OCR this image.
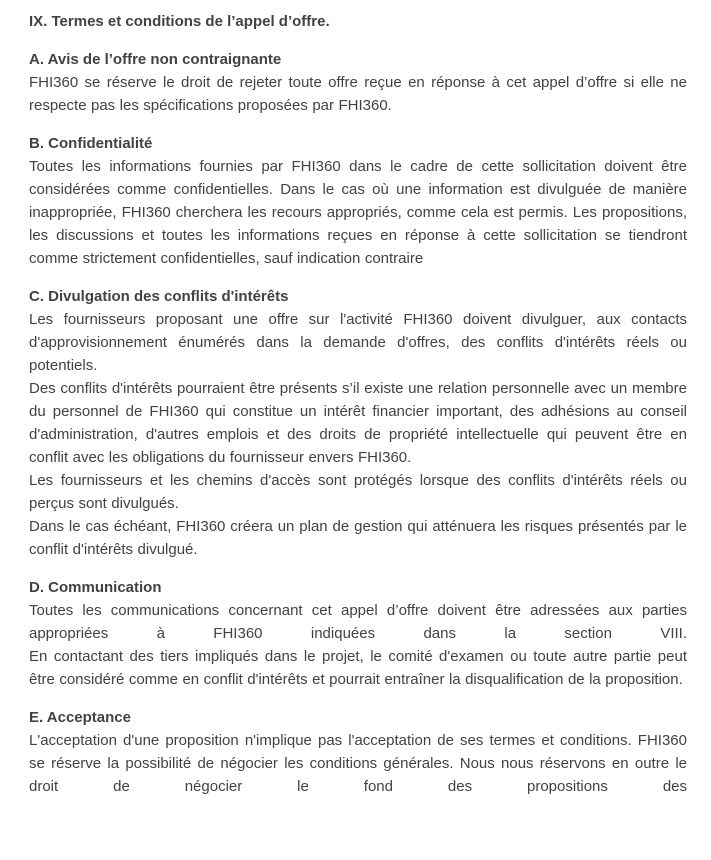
IX. Termes et conditions de l’appel d’offre.
A. Avis de l’offre non contraignante

FHI360 se réserve le droit de rejeter toute offre reçue en réponse à cet appel d’offre si elle ne respecte pas les spécifications proposées par FHI360.

B. Confidentialité

Toutes les informations fournies par FHI360 dans le cadre de cette sollicitation doivent être considérées comme confidentielles. Dans le cas où une information est divulguée de manière inappropriée, FHI360 cherchera les recours appropriés, comme cela est permis. Les propositions, les discussions et toutes les informations reçues en réponse à cette sollicitation se tiendront comme strictement confidentielles, sauf indication contraire

C. Divulgation des conflits d'intérêts

Les fournisseurs proposant une offre sur l'activité FHI360 doivent divulguer, aux contacts d'approvisionnement énumérés dans la demande d'offres, des conflits d'intérêts réels ou potentiels.

Des conflits d'intérêts pourraient être présents s’il existe une relation personnelle avec un membre du personnel de FHI360 qui constitue un intérêt financier important, des adhésions au conseil d'administration, d'autres emplois et des droits de propriété intellectuelle qui peuvent être en conflit avec les obligations du fournisseur envers FHI360.

Les fournisseurs et les chemins d'accès sont protégés lorsque des conflits d'intérêts réels ou perçus sont divulgués.

Dans le cas échéant, FHI360 créera un plan de gestion qui atténuera les risques présentés par le conflit d'intérêts divulgué.

D. Communication

Toutes les communications concernant cet appel d’offre doivent être adressées aux parties appropriées à FHI360 indiquées dans la section VIII.

En contactant des tiers impliqués dans le projet, le comité d'examen ou toute autre partie peut être considéré comme en conflit d'intérêts et pourrait entraîner la disqualification de la proposition.

E. Acceptance

L'acceptation d'une proposition n'implique pas l'acceptation de ses termes et conditions. FHI360 se réserve la possibilité de négocier les conditions générales. Nous nous réservons en outre le droit de négocier le fond des propositions des
